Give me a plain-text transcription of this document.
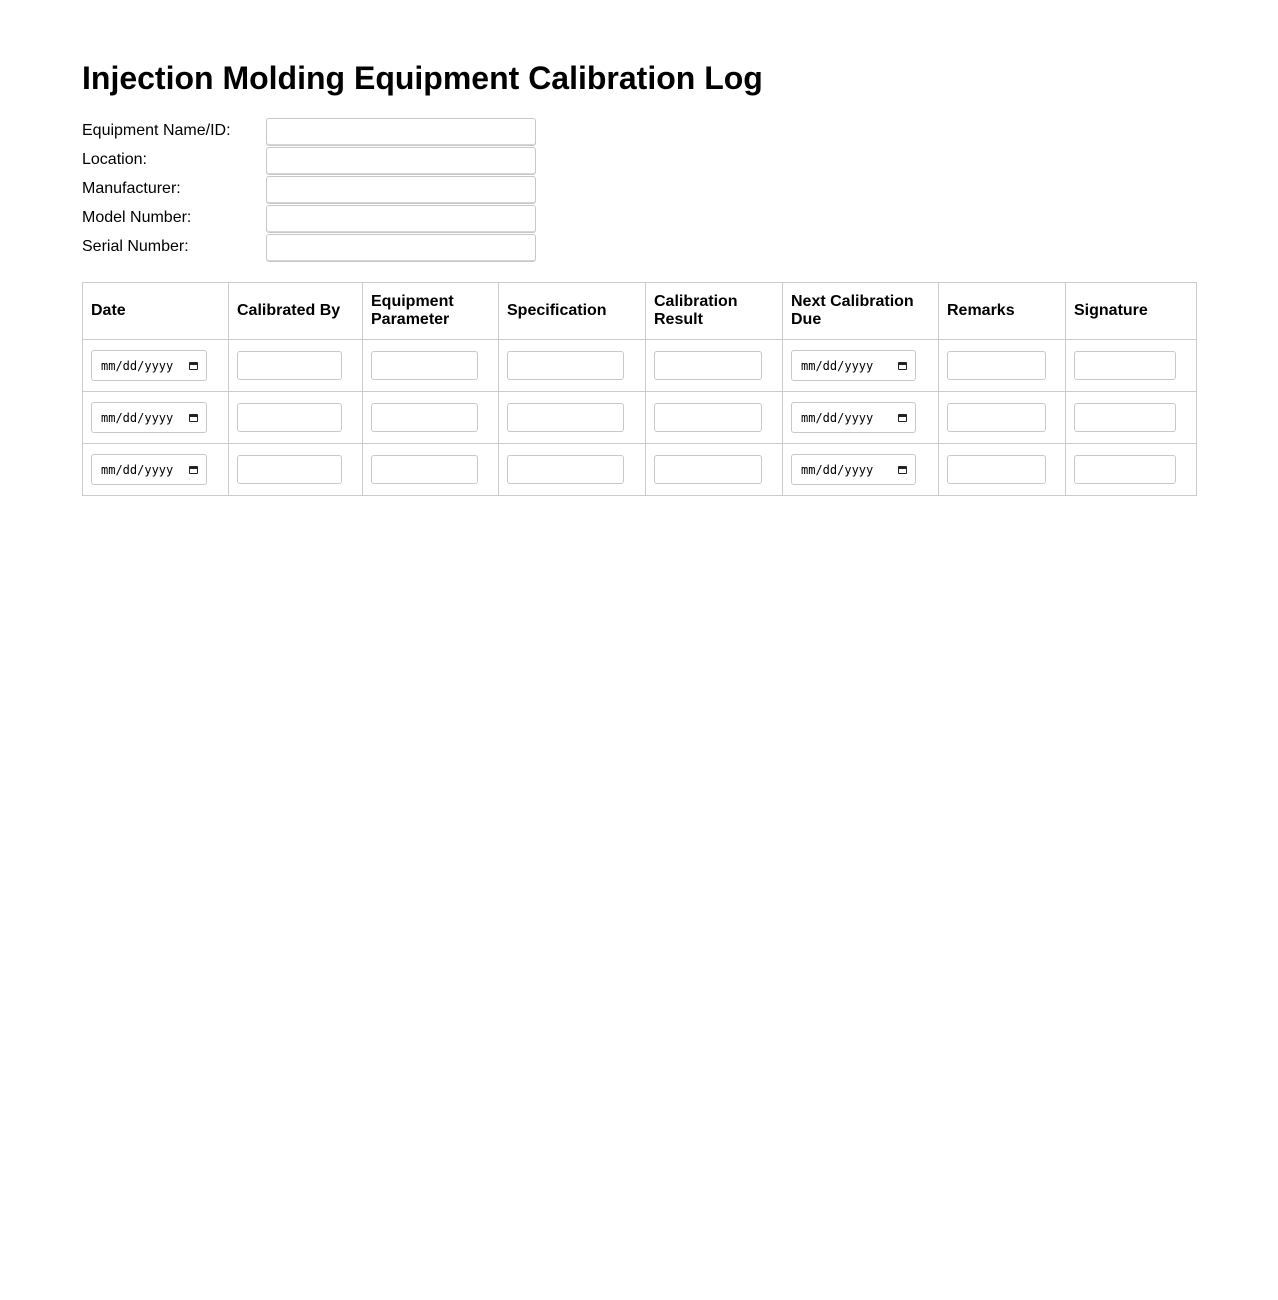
Injection Molding Equipment Calibration Log
Equipment Name/ID:
Location:
Manufacturer:
Model Number:
Serial Number:
Date	Calibrated By	Equipment Parameter	Specification	Calibration Result	Next Calibration Due	Remarks	Signature

mm/dd/yyyy					mm/dd/yyyy

mm/dd/yyyy					mm/dd/yyyy

mm/dd/yyyy					mm/dd/yyyy
